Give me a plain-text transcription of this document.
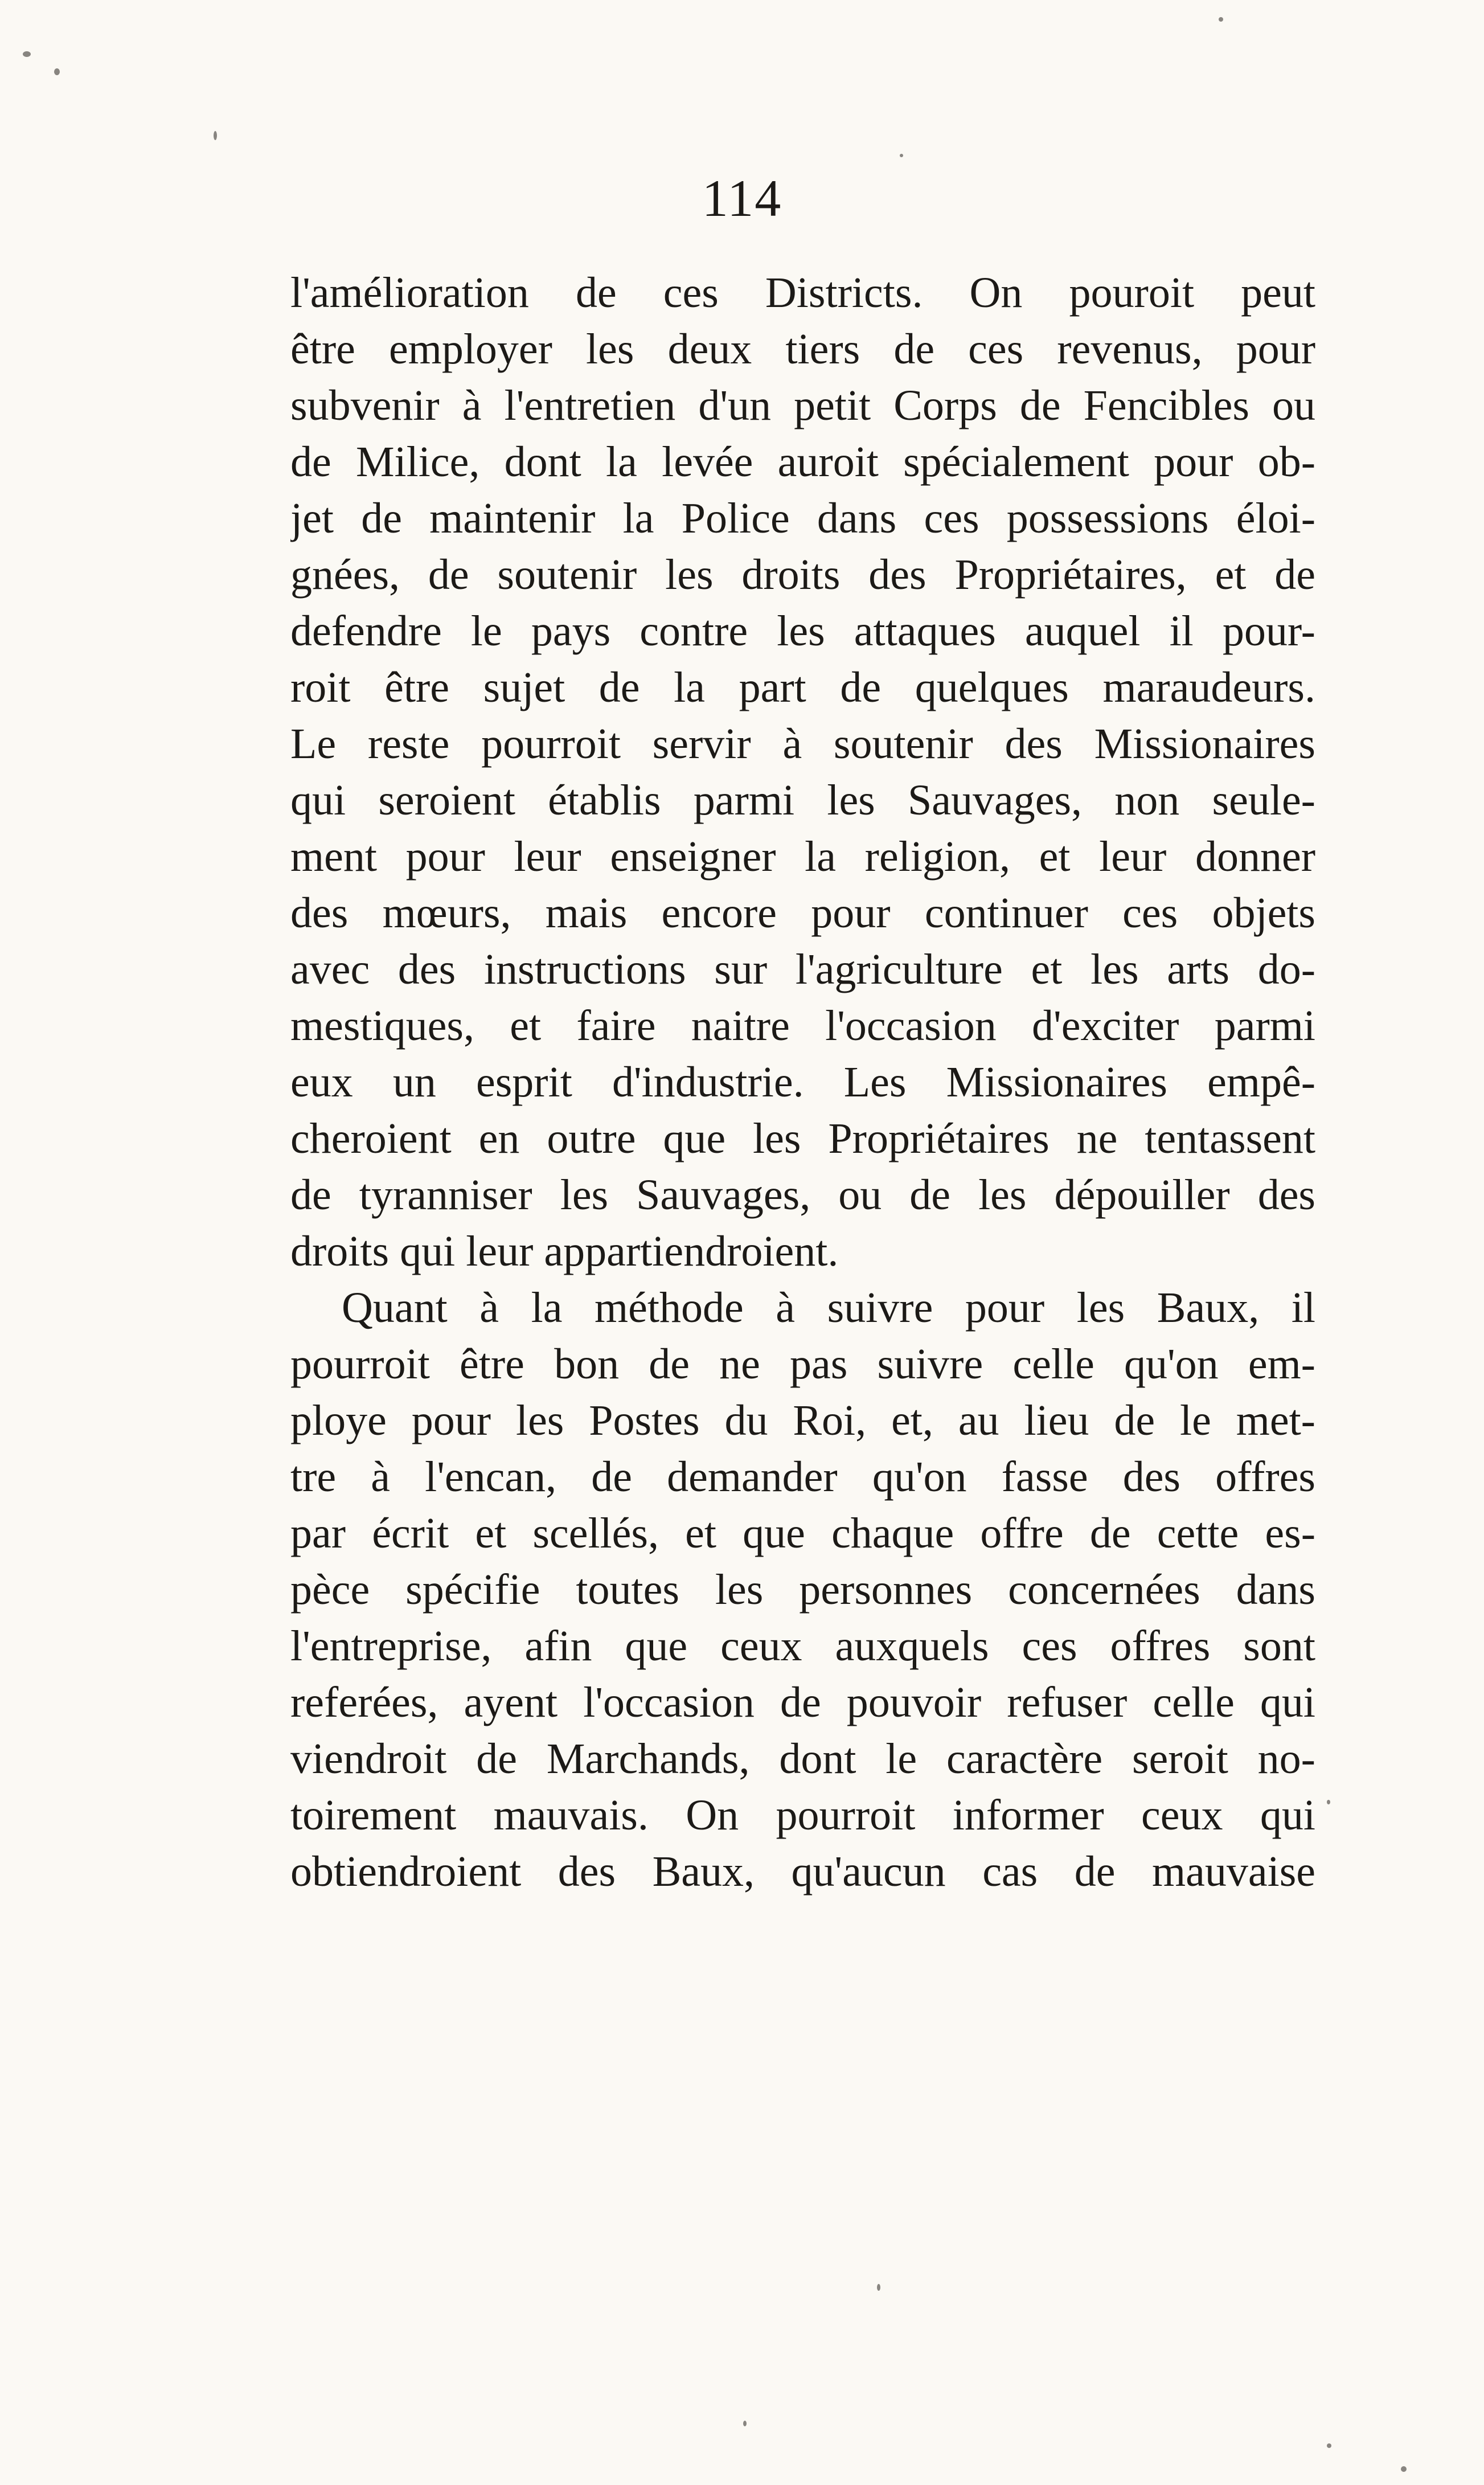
114
l'amélioration de ces Districts. On pouroit peut
être employer les deux tiers de ces revenus, pour
subvenir à l'entretien d'un petit Corps de Fencibles ou
de Milice, dont la levée auroit spécialement pour ob-
jet de maintenir la Police dans ces possessions éloi-
gnées, de soutenir les droits des Propriétaires, et de
defendre le pays contre les attaques auquel il pour-
roit être sujet de la part de quelques maraudeurs.
Le reste pourroit servir à soutenir des Missionaires
qui seroient établis parmi les Sauvages, non seule-
ment pour leur enseigner la religion, et leur donner
des mœurs, mais encore pour continuer ces objets
avec des instructions sur l'agriculture et les arts do-
mestiques, et faire naitre l'occasion d'exciter parmi
eux un esprit d'industrie. Les Missionaires empê-
cheroient en outre que les Propriétaires ne tentassent
de tyranniser les Sauvages, ou de les dépouiller des
droits qui leur appartiendroient.
Quant à la méthode à suivre pour les Baux, il
pourroit être bon de ne pas suivre celle qu'on em-
ploye pour les Postes du Roi, et, au lieu de le met-
tre à l'encan, de demander qu'on fasse des offres
par écrit et scellés, et que chaque offre de cette es-
pèce spécifie toutes les personnes concernées dans
l'entreprise, afin que ceux auxquels ces offres sont
referées, ayent l'occasion de pouvoir refuser celle qui
viendroit de Marchands, dont le caractère seroit no-
toirement mauvais. On pourroit informer ceux qui
obtiendroient des Baux, qu'aucun cas de mauvaise
